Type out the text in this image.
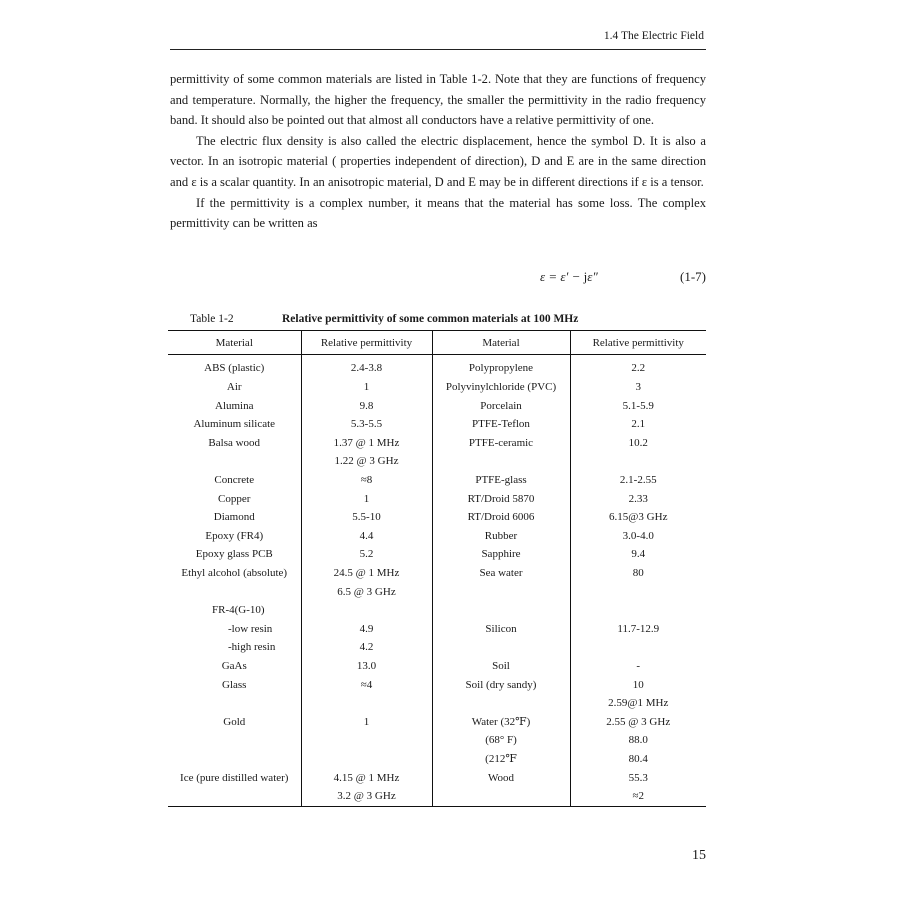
1.4 The Electric Field

permittivity of some common materials are listed in Table 1-2. Note that they are functions of frequency and temperature. Normally, the higher the frequency, the smaller the permittivity in the radio frequency band. It should also be pointed out that almost all conductors have a relative permittivity of one.

The electric flux density is also called the electric displacement, hence the symbol D. It is also a vector. In an isotropic material ( properties independent of direction), D and E are in the same direction and ε is a scalar quantity. In an anisotropic material, D and E may be in different directions if ε is a tensor.

If the permittivity is a complex number, it means that the material has some loss. The complex permittivity can be written as

ε = ε′ − jε″	(1-7)
Table 1-2	Relative permittivity of some common materials at 100 MHz
Material	Relative permittivity	Material	Relative permittivity
ABS (plastic)	2.4-3.8	Polypropylene	2.2
Air	1	Polyvinylchloride (PVC)	3
Alumina	9.8	Porcelain	5.1-5.9
Aluminum silicate	5.3-5.5	PTFE-Teflon	2.1
Balsa wood	1.37 @ 1 MHz	PTFE-ceramic	10.2
	1.22 @ 3 GHz		
Concrete	≈8	PTFE-glass	2.1-2.55
Copper	1	RT/Droid 5870	2.33
Diamond	5.5-10	RT/Droid 6006	6.15@3 GHz
Epoxy (FR4)	4.4	Rubber	3.0-4.0
Epoxy glass PCB	5.2	Sapphire	9.4
Ethyl alcohol (absolute)	24.5 @ 1 MHz	Sea water	80
	6.5 @ 3 GHz		
FR-4(G-10)			
-low resin	4.9	Silicon	11.7-12.9
-high resin	4.2		
GaAs	13.0	Soil	-
Glass	≈4	Soil (dry sandy)	10
			2.59@1 MHz
Gold	1	Water (32℉)	2.55 @ 3 GHz
		(68° F)	88.0
		(212℉	80.4
Ice (pure distilled water)	4.15 @ 1 MHz	Wood	55.3
	3.2 @ 3 GHz		≈2
15
